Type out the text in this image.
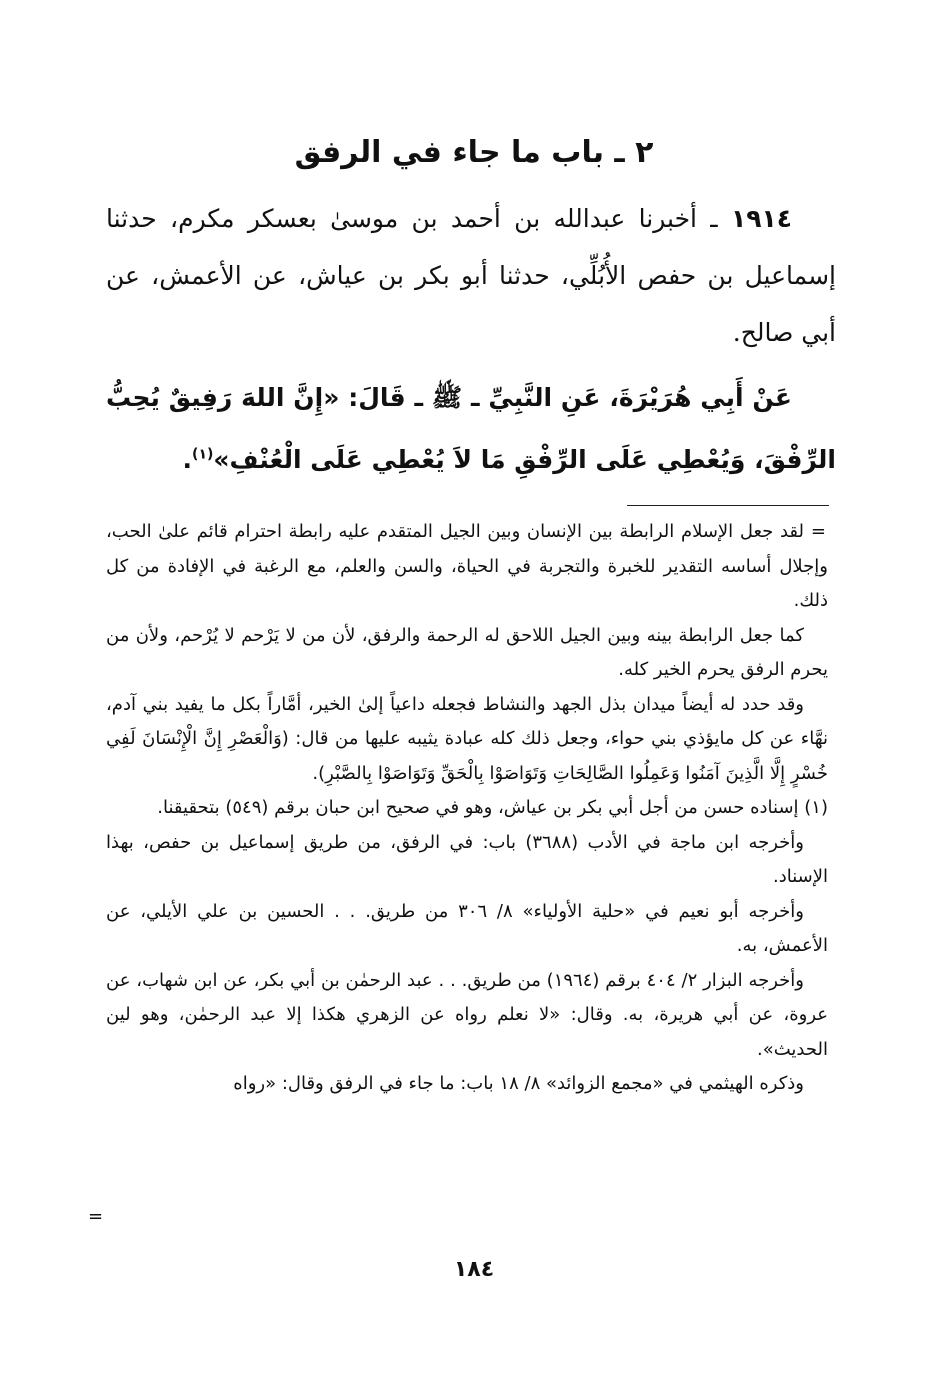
٢ ـ باب ما جاء في الرفق

١٩١٤ ـ أخبرنا عبدالله بن أحمد بن موسىٰ بعسكر مكرم، حدثنا إسماعيل بن حفص الأُبُلِّي، حدثنا أبو بكر بن عياش، عن الأعمش، عن أبي صالح.

عَنْ أَبِي هُرَيْرَةَ، عَنِ النَّبِيِّ ـ ﷺ ـ قَالَ: «إِنَّ اللهَ رَفِيقٌ يُحِبُّ الرِّفْقَ، وَيُعْطِي عَلَى الرِّفْقِ مَا لاَ يُعْطِي عَلَى الْعُنْفِ»$^{(١)}$.

=
لقد جعل الإسلام الرابطة بين الإنسان وبين الجيل المتقدم عليه رابطة احترام قائم علىٰ الحب، وإجلال أساسه التقدير للخبرة والتجربة في الحياة، والسن والعلم، مع الرغبة في الإفادة من كل ذلك.

كما جعل الرابطة بينه وبين الجيل اللاحق له الرحمة والرفق، لأن من لا يَرْحم لا يُرْحم، ولأن من يحرم الرفق يحرم الخير كله.

وقد حدد له أيضاً ميدان بذل الجهد والنشاط فجعله داعياً إلىٰ الخير، أمَّاراً بكل ما يفيد بني آدم، نهَّاء عن كل مايؤذي بني حواء، وجعل ذلك كله عبادة يثيبه عليها من قال: (وَالْعَصْرِ إِنَّ الْإِنْسَانَ لَفِي خُسْرٍ إِلَّا الَّذِينَ آمَنُوا وَعَمِلُوا الصَّالِحَاتِ وَتَوَاصَوْا بِالْحَقِّ وَتَوَاصَوْا بِالصَّبْرِ).

(١) إسناده حسن من أجل أبي بكر بن عياش، وهو في صحيح ابن حبان برقم (٥٤٩) بتحقيقنا.

وأخرجه ابن ماجة في الأدب (٣٦٨٨) باب: في الرفق، من طريق إسماعيل بن حفص، بهذا الإسناد.

وأخرجه أبو نعيم في «حلية الأولياء» ٨/ ٣٠٦ من طريق. . . الحسين بن علي الأيلي، عن الأعمش، به.

وأخرجه البزار ٢/ ٤٠٤ برقم (١٩٦٤) من طريق. . . عبد الرحمٰن بن أبي بكر، عن ابن شهاب، عن عروة، عن أبي هريرة، به. وقال: «لا نعلم رواه عن الزهري هكذا إلا عبد الرحمٰن، وهو لين الحديث».

وذكره الهيثمي في «مجمع الزوائد» ٨/ ١٨ باب: ما جاء في الرفق وقال: «رواه

=
١٨٤
